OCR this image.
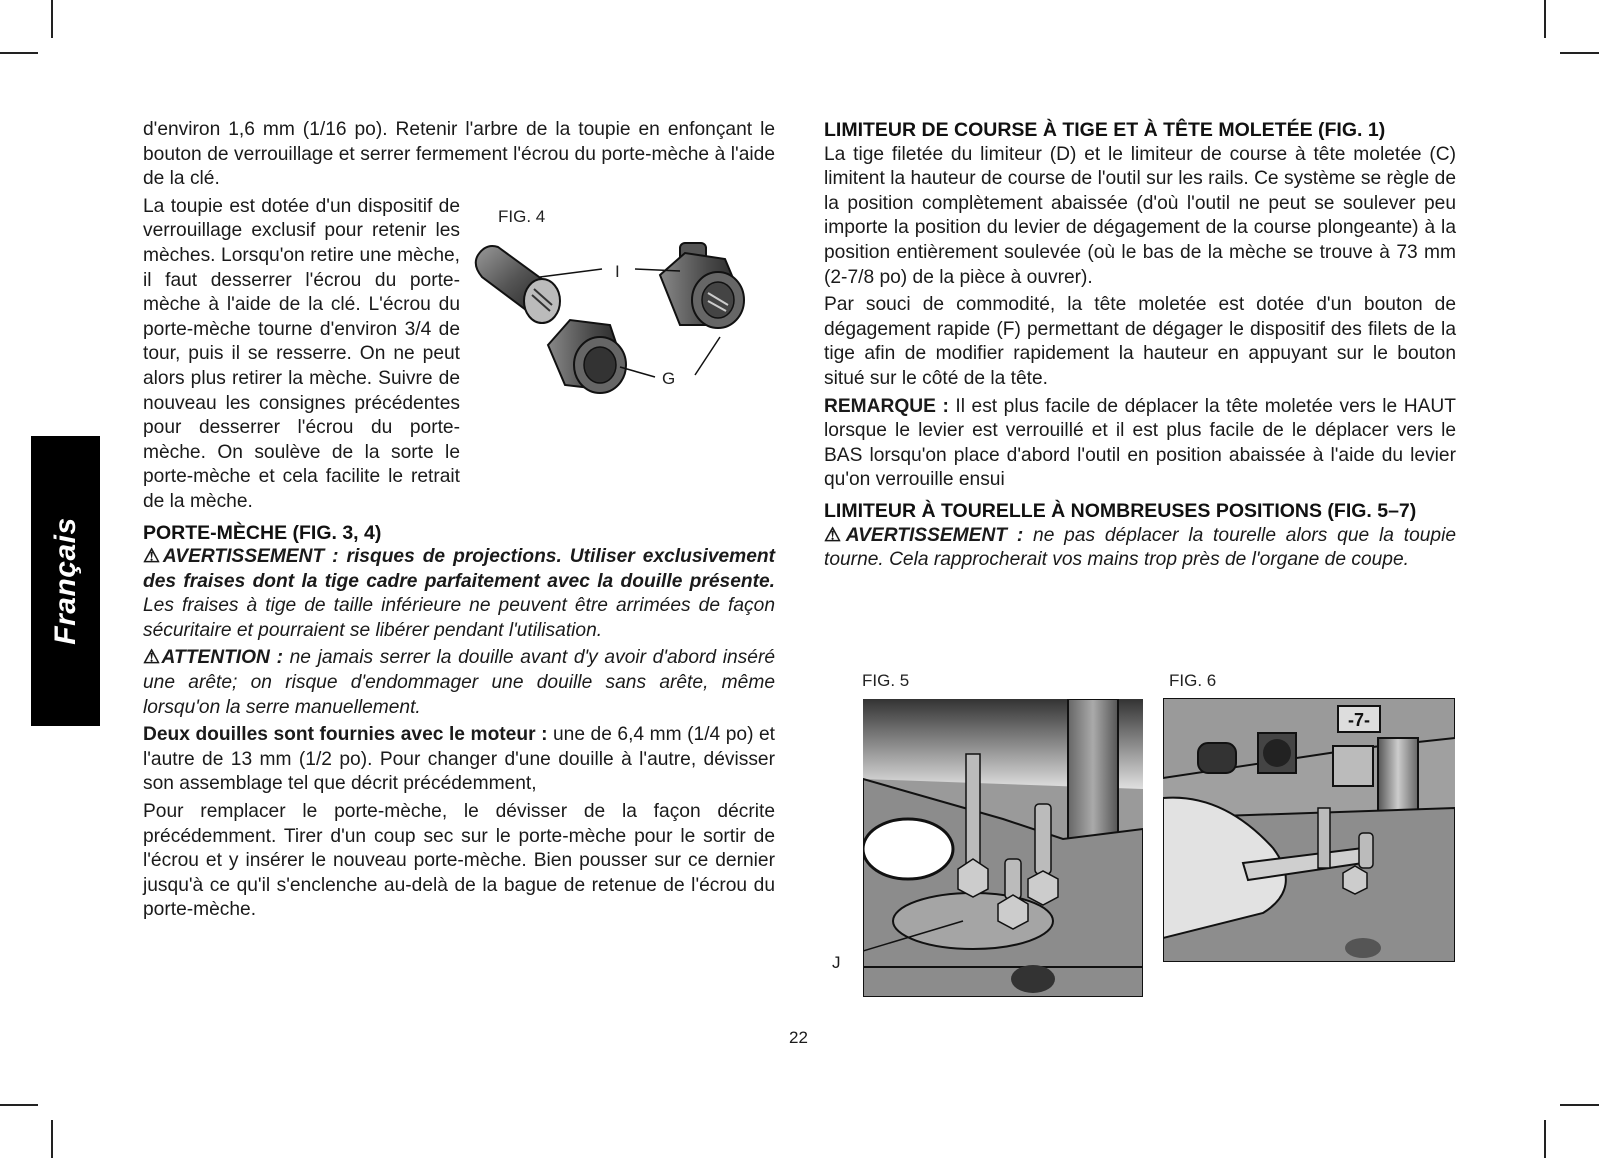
Français

d'environ 1,6 mm (1/16 po). Retenir l'arbre de la toupie en enfonçant le bouton de verrouillage et serrer fermement l'écrou du porte-mèche à l'aide de la clé.

FIG. 4
I
G

La toupie est dotée d'un dispositif de verrouillage exclusif pour retenir les mèches. Lorsqu'on retire une mèche, il faut desserrer l'écrou du porte-mèche à l'aide de la clé. L'écrou du porte-mèche tourne d'environ 3/4 de tour, puis il se resserre. On ne peut alors plus retirer la mèche. Suivre de nouveau les consignes précédentes pour desserrer l'écrou du porte-mèche. On soulève de la sorte le porte-mèche et cela facilite le retrait de la mèche.

PORTE-MÈCHE (FIG. 3, 4)

⚠AVERTISSEMENT : risques de projections. Utiliser exclusivement des fraises dont la tige cadre parfaitement avec la douille présente. Les fraises à tige de taille inférieure ne peuvent être arrimées de façon sécuritaire et pourraient se libérer pendant l'utilisation.

⚠ATTENTION : ne jamais serrer la douille avant d'y avoir d'abord inséré une arête; on risque d'endommager une douille sans arête, même lorsqu'on la serre manuellement.

Deux douilles sont fournies avec le moteur : une de 6,4 mm (1/4 po) et l'autre de 13 mm (1/2 po). Pour changer d'une douille à l'autre, dévisser son assemblage tel que décrit précédemment,

Pour remplacer le porte-mèche, le dévisser de la façon décrite précédemment. Tirer d'un coup sec sur le porte-mèche pour le sortir de l'écrou et y insérer le nouveau porte-mèche. Bien pousser sur ce dernier jusqu'à ce qu'il s'enclenche au-delà de la bague de retenue de l'écrou du porte-mèche.

LIMITEUR DE COURSE À TIGE ET À TÊTE MOLETÉE (FIG. 1)

La tige filetée du limiteur (D) et le limiteur de course à tête moletée (C) limitent la hauteur de course de l'outil sur les rails. Ce système se règle de la position complètement abaissée (d'où l'outil ne peut se soulever peu importe la position du levier de dégagement de la course plongeante) à la position entièrement soulevée (où le bas de la mèche se trouve à 73 mm (2-7/8 po) de la pièce à ouvrer).

Par souci de commodité, la tête moletée est dotée d'un bouton de dégagement rapide (F) permettant de dégager le dispositif des filets de la tige afin de modifier rapidement la hauteur en appuyant sur le bouton situé sur le côté de la tête.

REMARQUE : Il est plus facile de déplacer la tête moletée vers le HAUT lorsque le levier est verrouillé et il est plus facile de le déplacer vers le BAS lorsqu'on place d'abord l'outil en position abaissée à l'aide du levier qu'on verrouille ensui

LIMITEUR À TOURELLE À NOMBREUSES POSITIONS (FIG. 5–7)

⚠AVERTISSEMENT : ne pas déplacer la tourelle alors que la toupie tourne. Cela rapprocherait vos mains trop près de l'organe de coupe.

FIG. 5
J
FIG. 6
-7-
22
